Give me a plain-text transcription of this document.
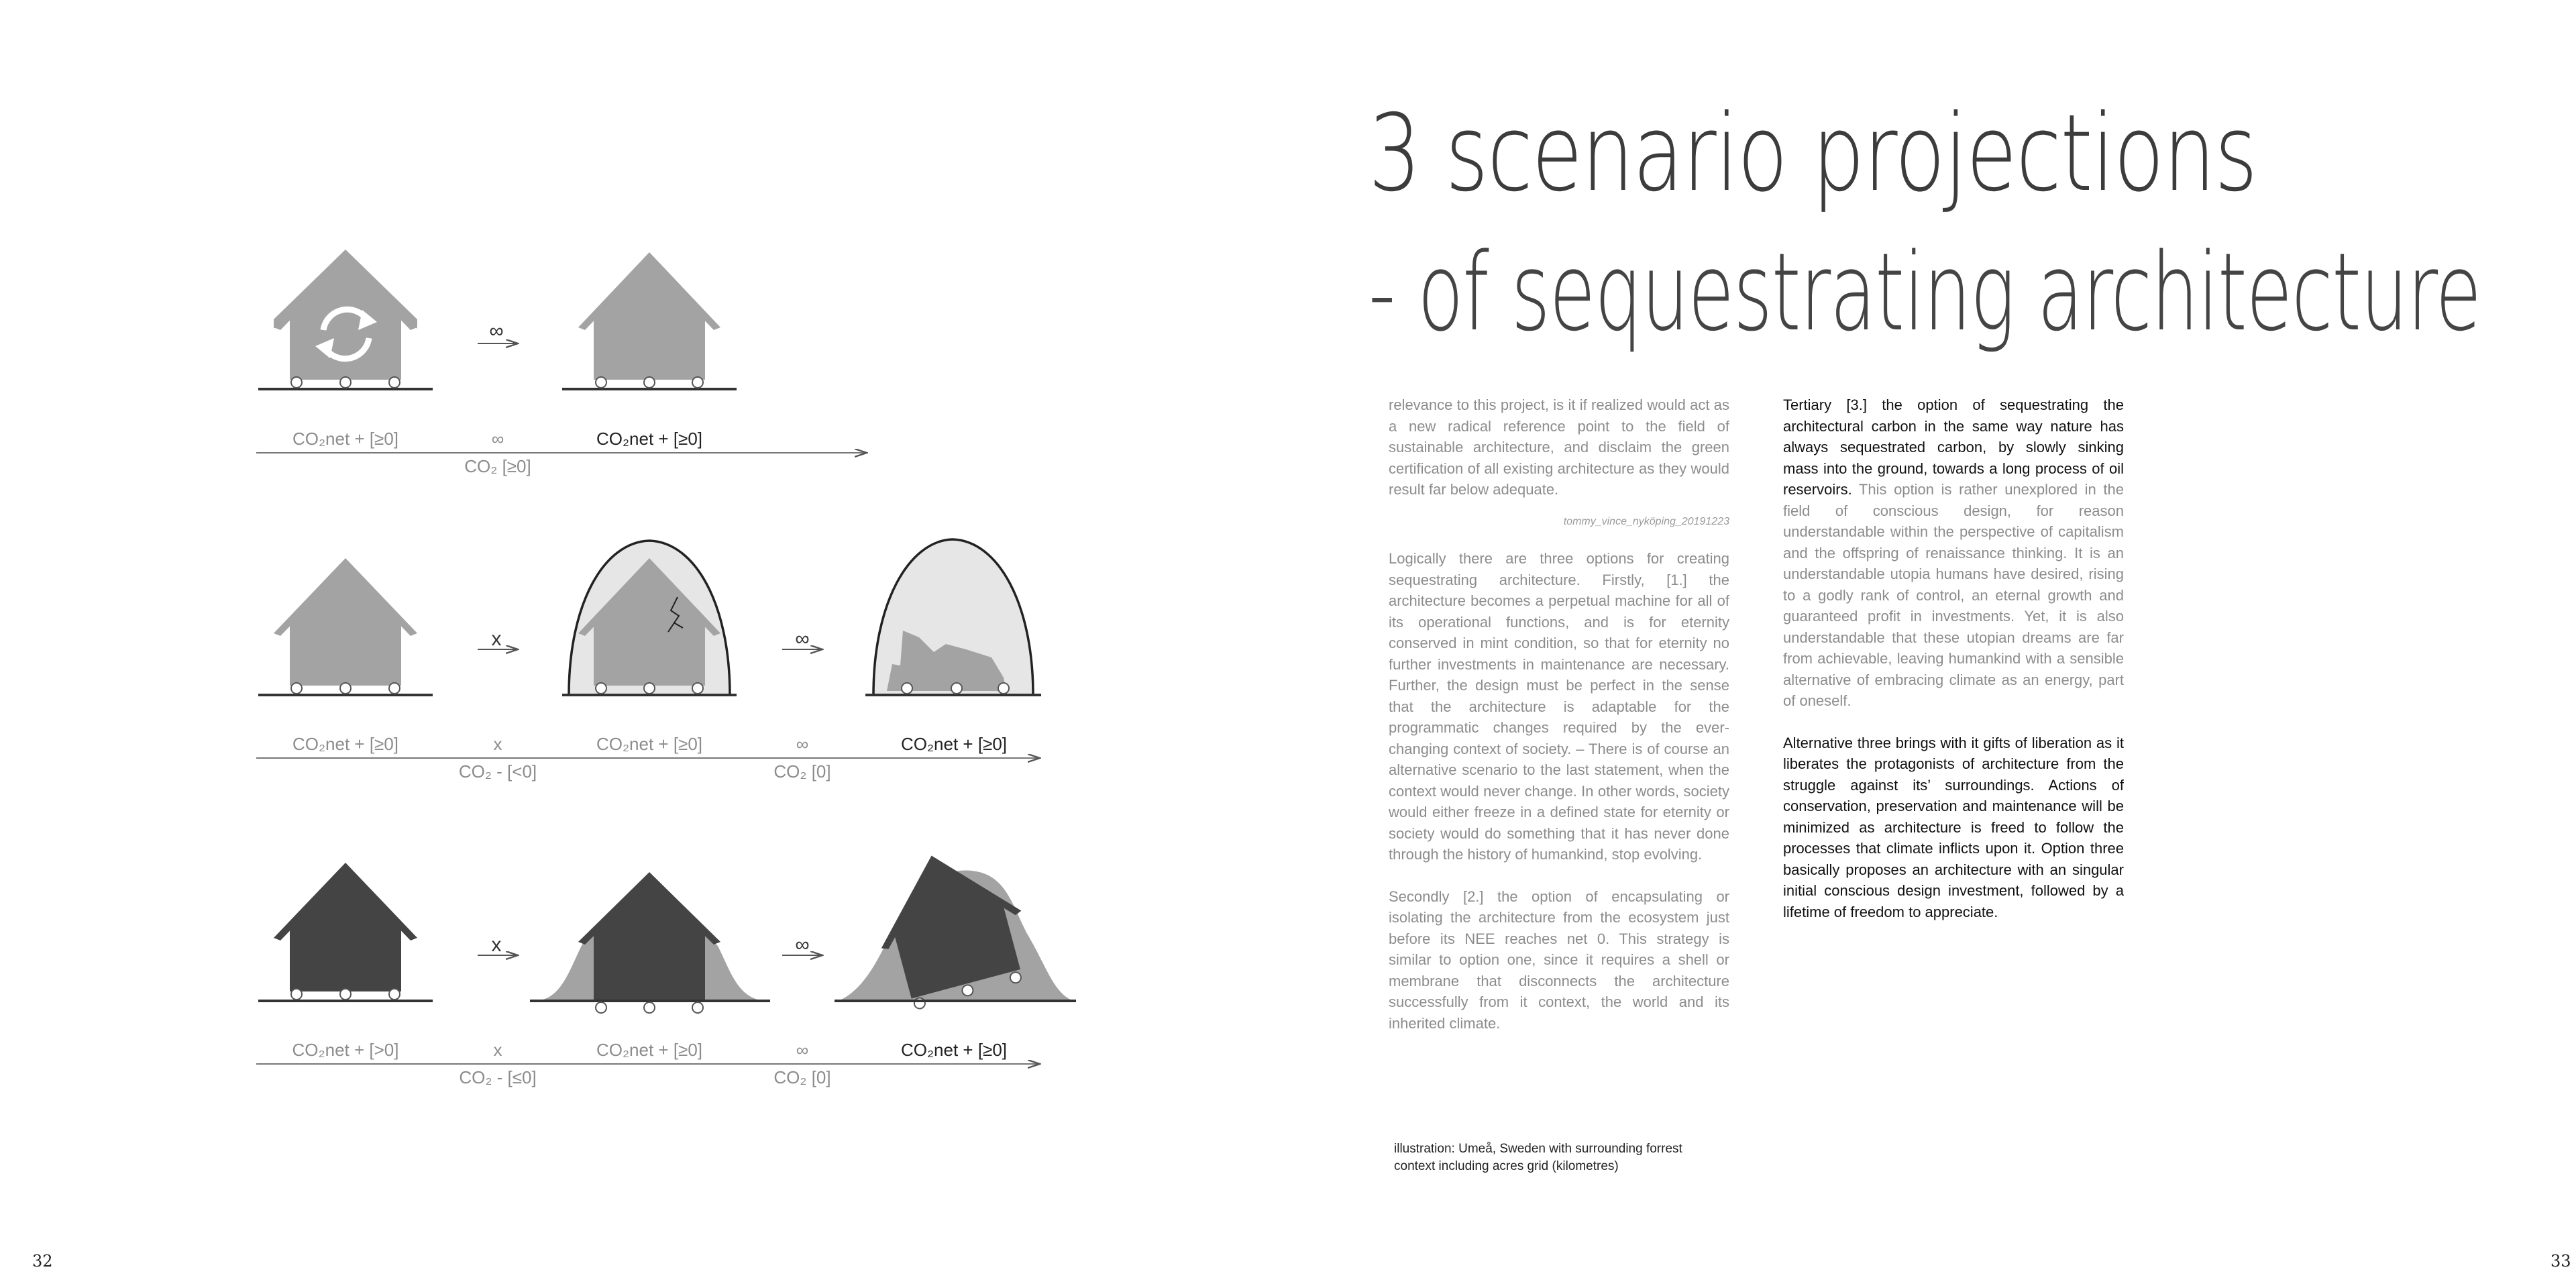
∞
CO₂net + [≥0]	∞	CO₂net + [≥0]
CO₂ [≥0]
x	∞
CO₂net + [≥0]	x	CO₂net + [≥0]	∞	CO₂net + [≥0]
CO₂ - [<0]	CO₂ [0]
x	∞
CO₂net + [>0]	x	CO₂net + [≥0]	∞	CO₂net + [≥0]
CO₂ - [≤0]	CO₂ [0]
3 scenario projections
- of sequestrating architecture

relevance to this project, is it if realized would act as a new radical reference point to the field of sustainable architecture, and disclaim the green certification of all existing architecture as they would result far below adequate.

tommy_vince_nyköping_20191223

Logically there are three options for creating sequestrating architecture. Firstly, [1.] the architecture becomes a perpetual machine for all of its operational functions, and is for eternity conserved in mint condition, so that for eternity no further investments in maintenance are necessary. Further, the design must be perfect in the sense that the architecture is adaptable for the programmatic changes required by the ever-changing context of society. – There is of course an alternative scenario to the last statement, when the context would never change. In other words, society would either freeze in a defined state for eternity or society would do something that it has never done through the history of humankind, stop evolving.

Secondly [2.] the option of encapsulating or isolating the architecture from the ecosystem just before its NEE reaches net 0. This strategy is similar to option one, since it requires a shell or membrane that disconnects the architecture successfully from it context, the world and its inherited climate.

Tertiary [3.] the option of sequestrating the architectural carbon in the same way nature has always sequestrated carbon, by slowly sinking mass into the ground, towards a long process of oil reservoirs. This option is rather unexplored in the field of conscious design, for reason understandable within the perspective of capitalism and the offspring of renaissance thinking. It is an understandable utopia humans have desired, rising to a godly rank of control, an eternal growth and guaranteed profit in investments. Yet, it is also understandable that these utopian dreams are far from achievable, leaving humankind with a sensible alternative of embracing climate as an energy, part of oneself.

Alternative three brings with it gifts of liberation as it liberates the protagonists of architecture from the struggle against its’ surroundings. Actions of conservation, preservation and maintenance will be minimized as architecture is freed to follow the processes that climate inflicts upon it. Option three basically proposes an architecture with an singular initial conscious design investment, followed by a lifetime of freedom to appreciate.

illustration: Umeå, Sweden with surrounding forrest
context including acres grid (kilometres)
32	33
